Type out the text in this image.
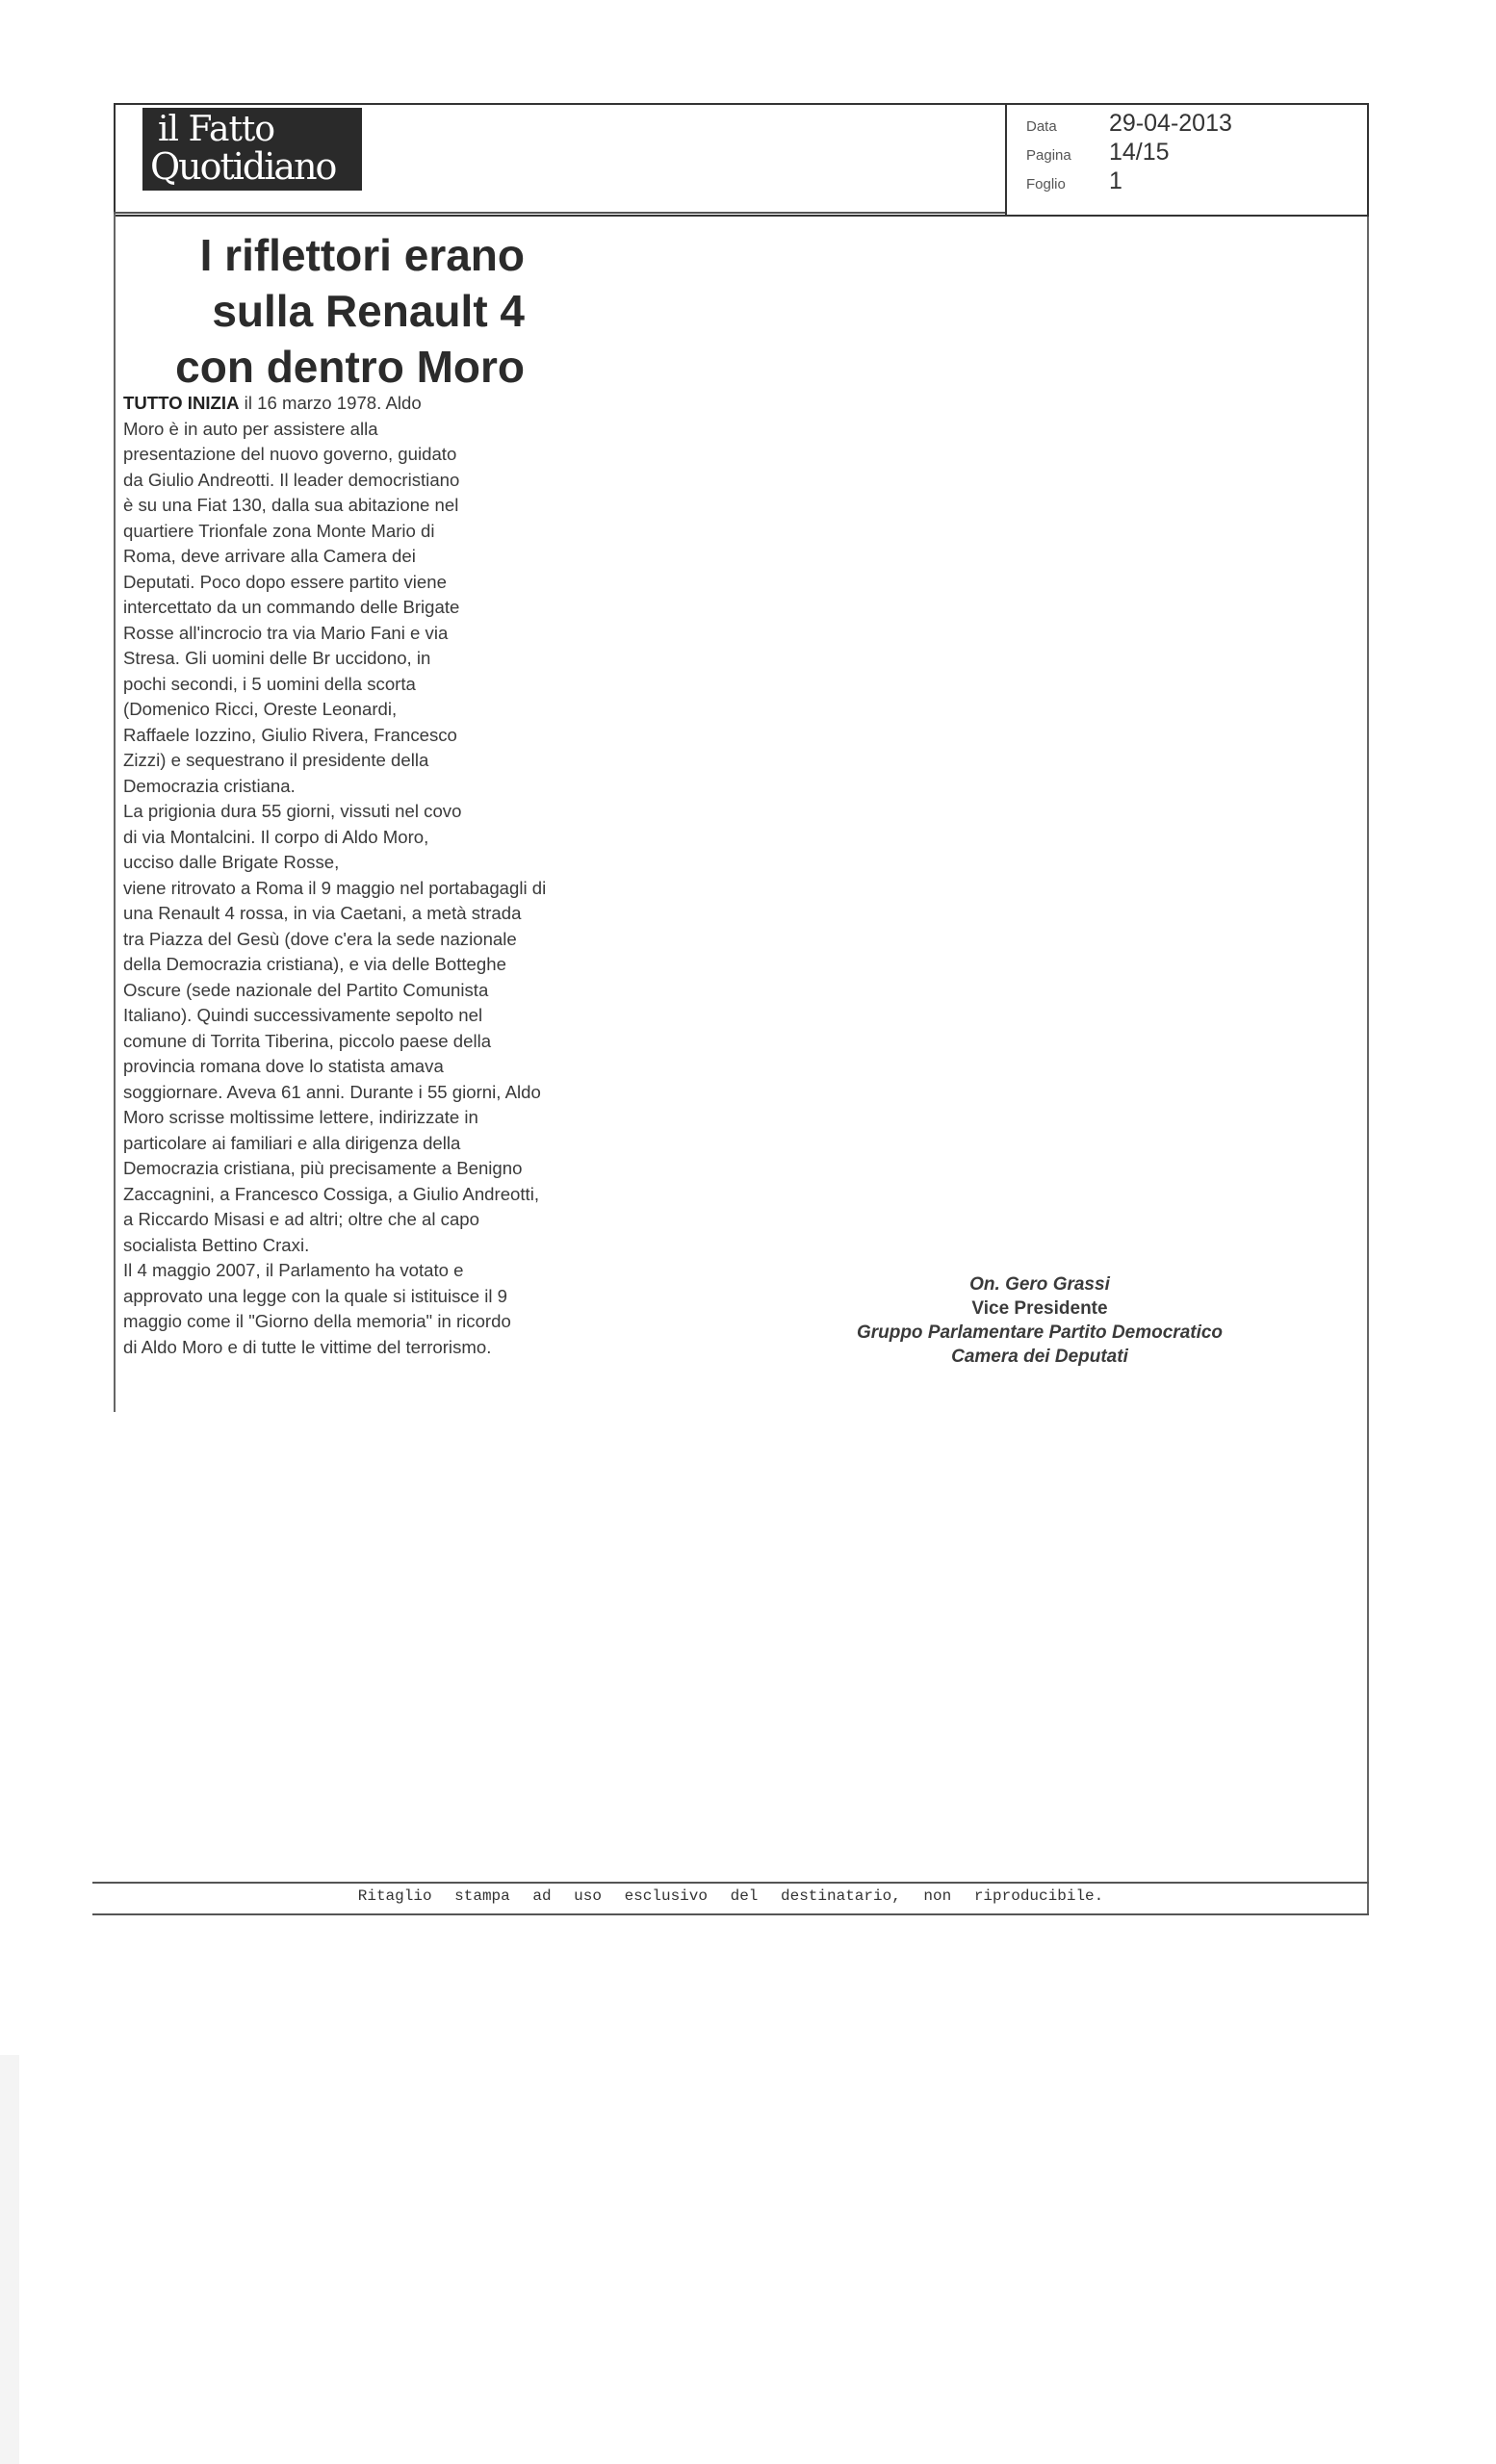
il Fatto
Quotidiano
Data	29-04-2013
Pagina	14/15
Foglio	1
I riflettori erano sulla Renault 4 con dentro Moro

TUTTO INIZIA il 16 marzo 1978. Aldo Moro è in auto per assistere alla presentazione del nuovo governo, guidato da Giulio Andreotti. Il leader democristiano è su una Fiat 130, dalla sua abitazione nel quartiere Trionfale zona Monte Mario di Roma, deve arrivare alla Camera dei Deputati. Poco dopo essere partito viene intercettato da un commando delle Brigate Rosse all'incrocio tra via Mario Fani e via Stresa. Gli uomini delle Br uccidono, in pochi secondi, i 5 uomini della scorta (Domenico Ricci, Oreste Leonardi, Raffaele Iozzino, Giulio Rivera, Francesco Zizzi) e sequestrano il presidente della Democrazia cristiana.

La prigionia dura 55 giorni, vissuti nel covo di via Montalcini. Il corpo di Aldo Moro, ucciso dalle Brigate Rosse,

viene ritrovato a Roma il 9 maggio nel portabagagli di una Renault 4 rossa, in via Caetani, a metà strada tra Piazza del Gesù (dove c'era la sede nazionale della Democrazia cristiana), e via delle Botteghe Oscure (sede nazionale del Partito Comunista Italiano). Quindi successivamente sepolto nel comune di Torrita Tiberina, piccolo paese della provincia romana dove lo statista amava soggiornare. Aveva 61 anni. Durante i 55 giorni, Aldo Moro scrisse moltissime lettere, indirizzate in particolare ai familiari e alla dirigenza della Democrazia cristiana, più precisamente a Benigno Zaccagnini, a Francesco Cossiga, a Giulio Andreotti, a Riccardo Misasi e ad altri; oltre che al capo socialista Bettino Craxi.

Il 4 maggio 2007, il Parlamento ha votato e approvato una legge con la quale si istituisce il 9 maggio come il "Giorno della memoria" in ricordo di Aldo Moro e di tutte le vittime del terrorismo.

On. Gero Grassi
Vice Presidente
Gruppo Parlamentare Partito Democratico
Camera dei Deputati
Ritaglio stampa ad uso esclusivo del destinatario, non riproducibile.
